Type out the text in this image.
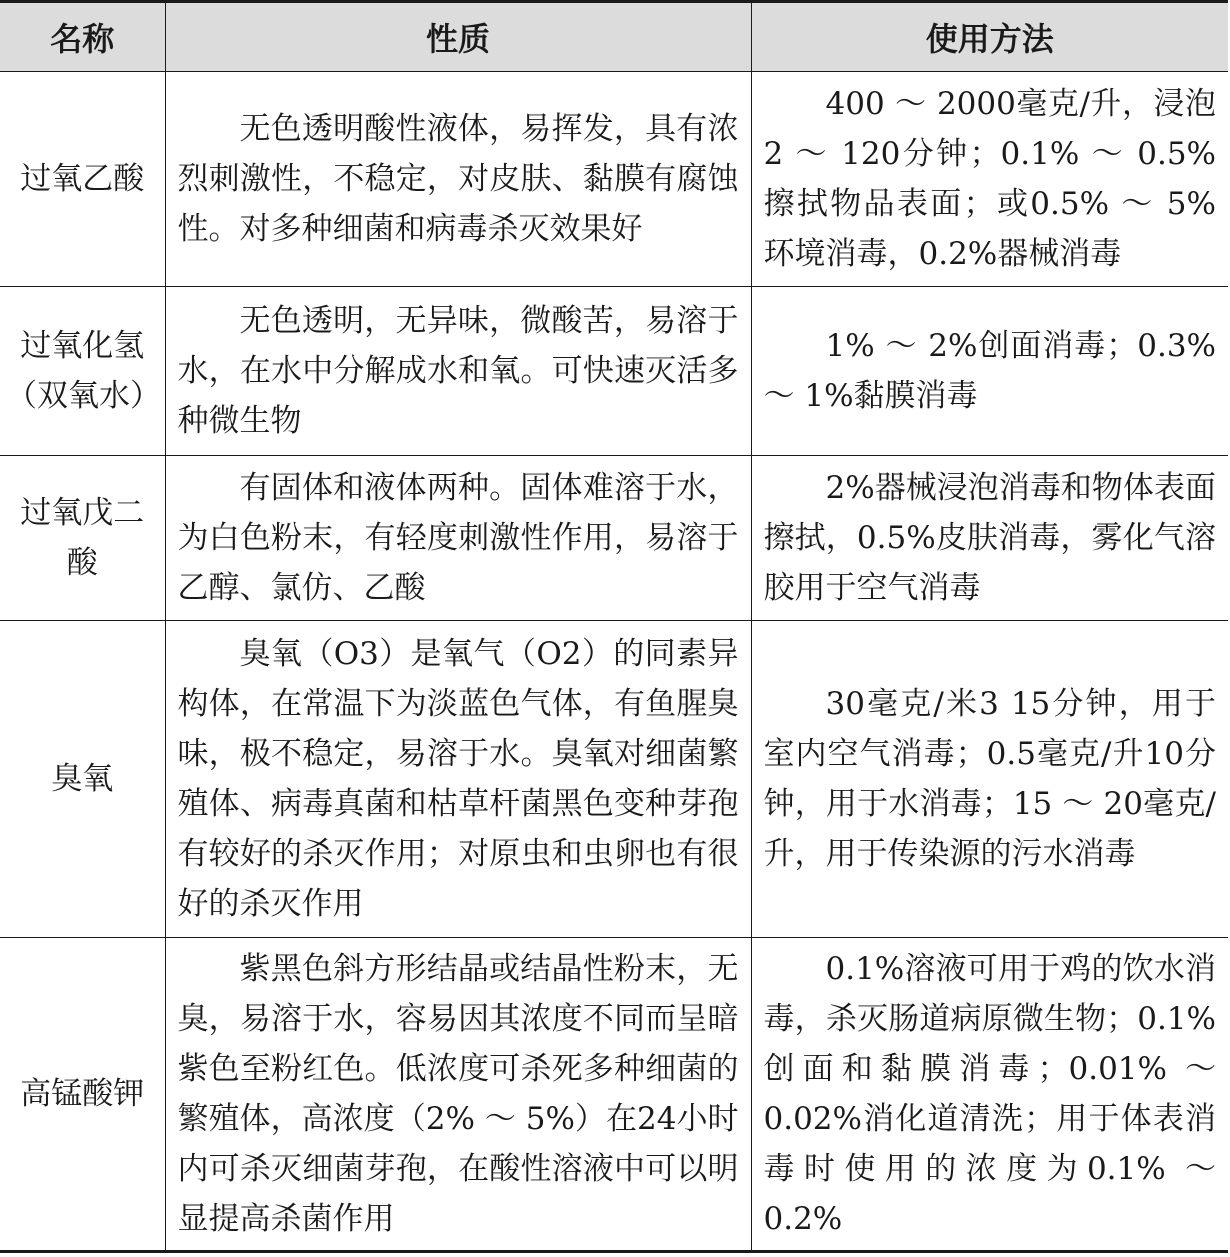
名称	性质	使用方法
过氧乙酸	无色透明酸性液体，易挥发，具有浓烈刺激性，不稳定，对皮肤、黏膜有腐蚀性。对多种细菌和病毒杀灭效果好	400 ～ 2000毫克/升，浸泡2 ～ 120分钟；0.1% ～ 0.5%擦拭物品表面；或0.5% ～ 5%环境消毒，0.2%器械消毒

过氧化氢（双氧水）	无色透明，无异味，微酸苦，易溶于水，在水中分解成水和氧。可快速灭活多种微生物	1% ～ 2%创面消毒；0.3% ～ 1%黏膜消毒

过氧戊二酸	有固体和液体两种。固体难溶于水，为白色粉末，有轻度刺激性作用，易溶于乙醇、氯仿、乙酸	2%器械浸泡消毒和物体表面擦拭，0.5%皮肤消毒，雾化气溶胶用于空气消毒

臭氧	臭氧（O3）是氧气（O2）的同素异构体，在常温下为淡蓝色气体，有鱼腥臭味，极不稳定，易溶于水。臭氧对细菌繁殖体、病毒真菌和枯草杆菌黑色变种芽孢有较好的杀灭作用；对原虫和虫卵也有很好的杀灭作用	30毫克/米3 15分钟，用于室内空气消毒；0.5毫克/升10分钟，用于水消毒；15 ～ 20毫克/升，用于传染源的污水消毒

高锰酸钾	紫黑色斜方形结晶或结晶性粉末，无臭，易溶于水，容易因其浓度不同而呈暗紫色至粉红色。低浓度可杀死多种细菌的繁殖体，高浓度（2% ～ 5%）在24小时内可杀灭细菌芽孢，在酸性溶液中可以明显提高杀菌作用	0.1%溶液可用于鸡的饮水消毒，杀灭肠道病原微生物；0.1%创面和黏膜消毒；0.01% ～ 0.02%消化道清洗；用于体表消毒时使用的浓度为0.1% ～ 0.2%
